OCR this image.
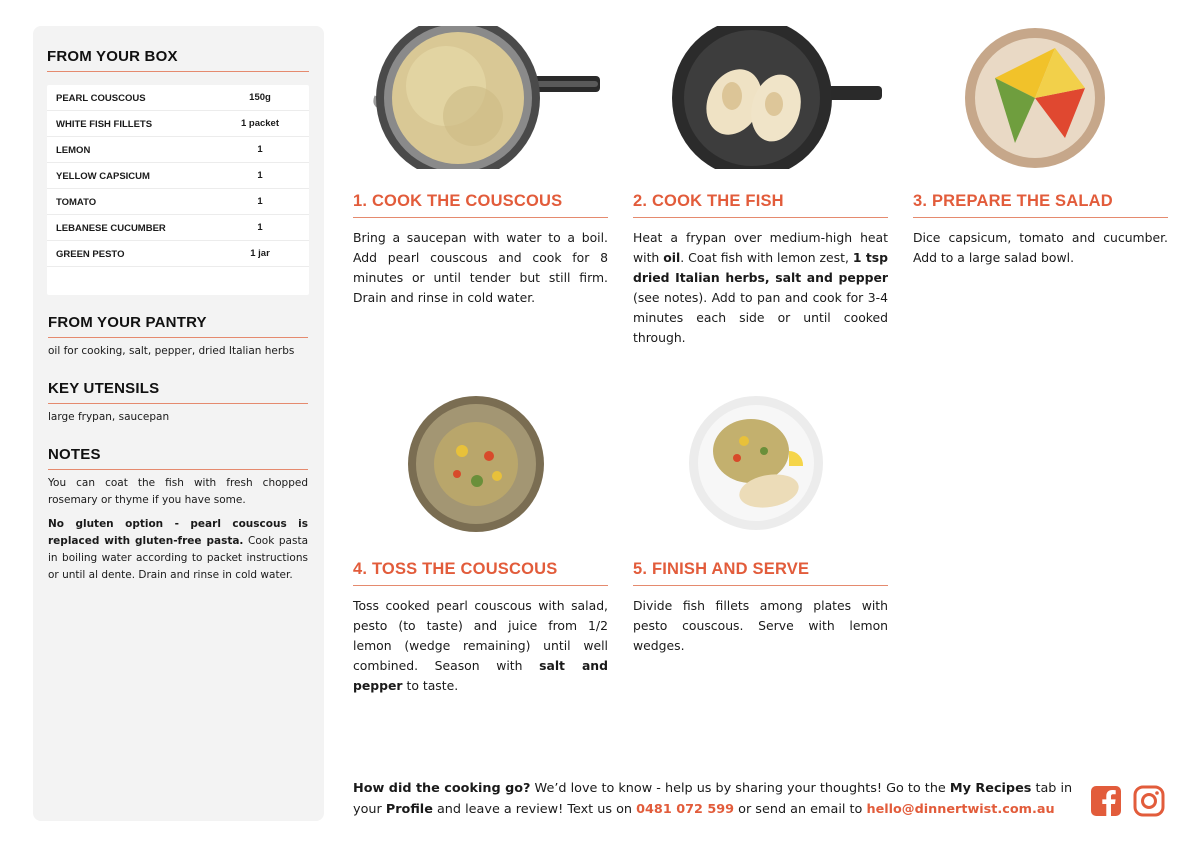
FROM YOUR BOX
PEARL COUSCOUS	150g
WHITE FISH FILLETS	1 packet
LEMON	1
YELLOW CAPSICUM	1
TOMATO	1
LEBANESE CUCUMBER	1
GREEN PESTO	1 jar
FROM YOUR PANTRY
oil for cooking, salt, pepper, dried Italian herbs
KEY UTENSILS
large frypan, saucepan
NOTES
You can coat the fish with fresh chopped rosemary or thyme if you have some.
No gluten option - pearl couscous is replaced with gluten-free pasta. Cook pasta in boiling water according to packet instructions or until al dente. Drain and rinse in cold water.
1. COOK THE COUSCOUS
Bring a saucepan with water to a boil. Add pearl couscous and cook for 8 minutes or until tender but still firm. Drain and rinse in cold water.
2. COOK THE FISH
Heat a frypan over medium-high heat with oil. Coat fish with lemon zest, 1 tsp dried Italian herbs, salt and pepper (see notes). Add to pan and cook for 3-4 minutes each side or until cooked through.
3. PREPARE THE SALAD
Dice capsicum, tomato and cucumber. Add to a large salad bowl.
4. TOSS THE COUSCOUS
Toss cooked pearl couscous with salad, pesto (to taste) and juice from 1/2 lemon (wedge remaining) until well combined. Season with salt and pepper to taste.
5. FINISH AND SERVE
Divide fish fillets among plates with pesto couscous. Serve with lemon wedges.
How did the cooking go? We’d love to know - help us by sharing your thoughts! Go to the My Recipes tab in your Profile and leave a review! Text us on 0481 072 599 or send an email to hello@dinnertwist.com.au
